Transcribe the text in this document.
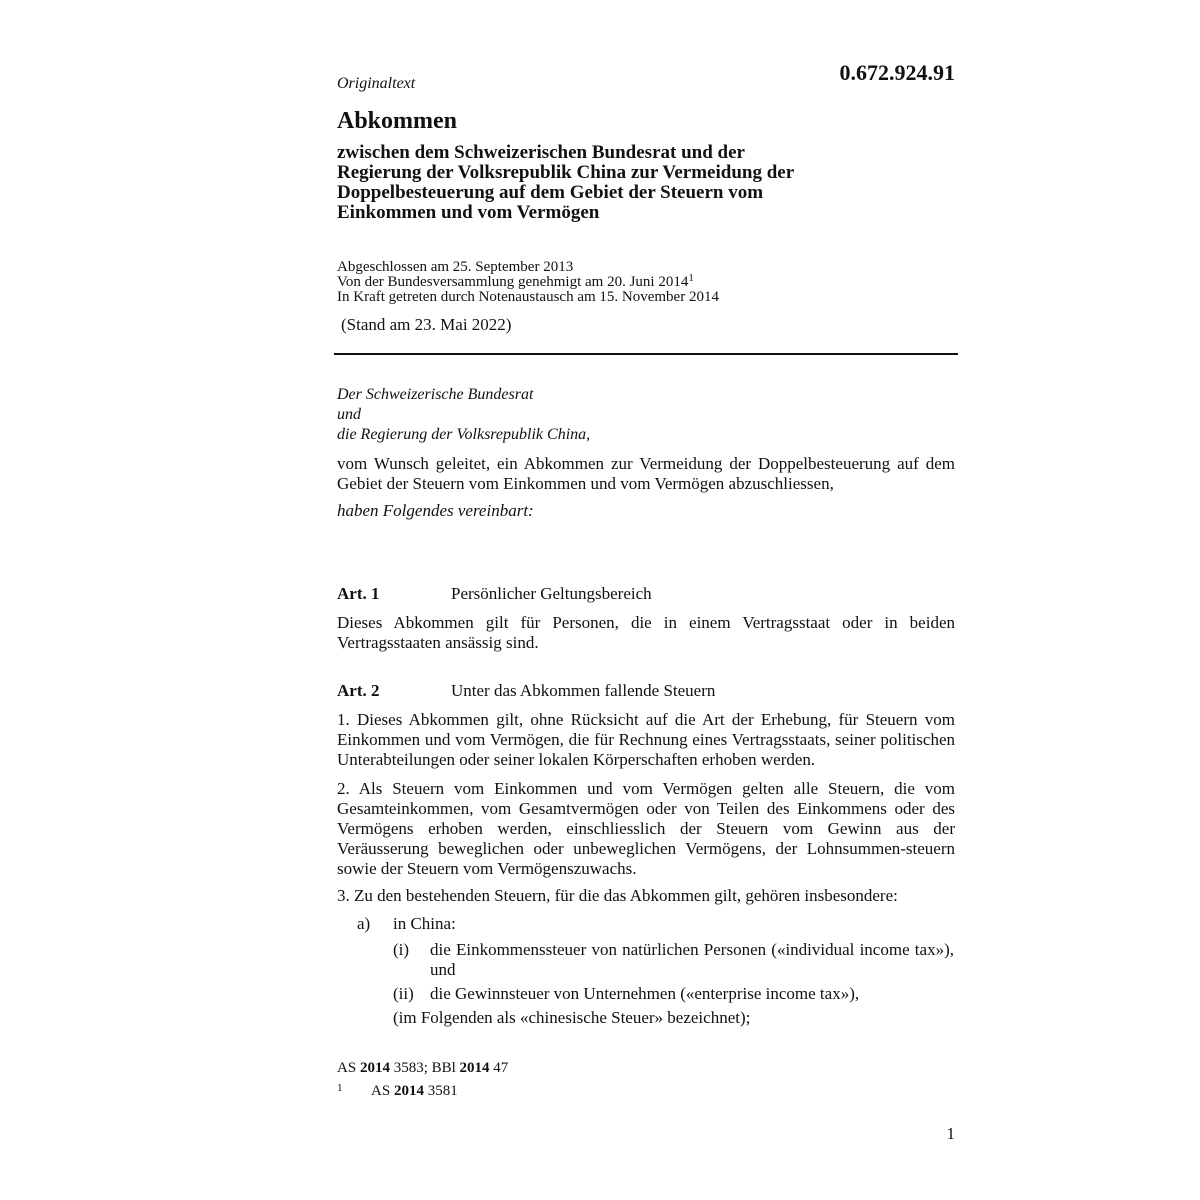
0.672.924.91
Originaltext
Abkommen
zwischen dem Schweizerischen Bundesrat und der
Regierung der Volksrepublik China zur Vermeidung der
Doppelbesteuerung auf dem Gebiet der Steuern vom
Einkommen und vom Vermögen
Abgeschlossen am 25. September 2013
Von der Bundesversammlung genehmigt am 20. Juni 2014$^1$
In Kraft getreten durch Notenaustausch am 15. November 2014
(Stand am 23. Mai 2022)
Der Schweizerische Bundesrat
und
die Regierung der Volksrepublik China,
vom Wunsch geleitet, ein Abkommen zur Vermeidung der Doppelbesteuerung auf dem Gebiet der Steuern vom Einkommen und vom Vermögen abzuschliessen,
haben Folgendes vereinbart:
Art. 1	Persönlicher Geltungsbereich
Dieses Abkommen gilt für Personen, die in einem Vertragsstaat oder in beiden Vertragsstaaten ansässig sind.
Art. 2	Unter das Abkommen fallende Steuern
1. Dieses Abkommen gilt, ohne Rücksicht auf die Art der Erhebung, für Steuern vom Einkommen und vom Vermögen, die für Rechnung eines Vertragsstaats, seiner politischen Unterabteilungen oder seiner lokalen Körperschaften erhoben werden.
2. Als Steuern vom Einkommen und vom Vermögen gelten alle Steuern, die vom Gesamteinkommen, vom Gesamtvermögen oder von Teilen des Einkommens oder des Vermögens erhoben werden, einschliesslich der Steuern vom Gewinn aus der Veräusserung beweglichen oder unbeweglichen Vermögens, der Lohnsummen-steuern sowie der Steuern vom Vermögenszuwachs.
3. Zu den bestehenden Steuern, für die das Abkommen gilt, gehören insbesondere:
a) in China:
(i) die Einkommenssteuer von natürlichen Personen («individual income tax»), und
(ii) die Gewinnsteuer von Unternehmen («enterprise income tax»),
(im Folgenden als «chinesische Steuer» bezeichnet);
AS 2014 3583; BBl 2014 47
1 AS 2014 3581
1
